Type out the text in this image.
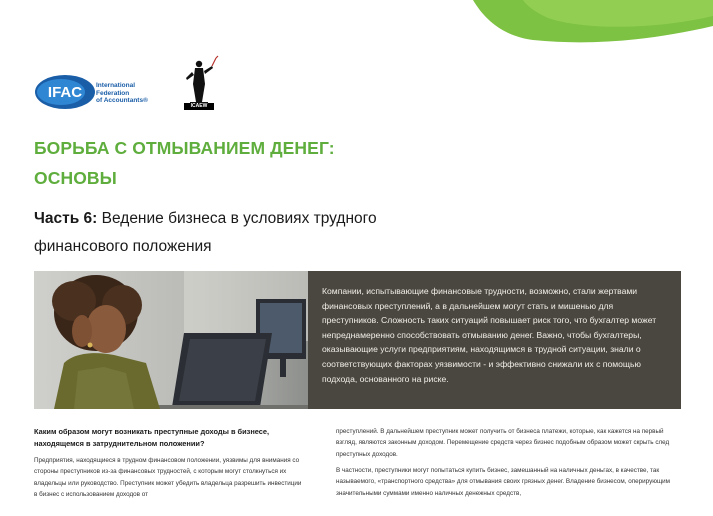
IFAC International
Federation
of Accountants®
ICAEW
БОРЬБА С ОТМЫВАНИЕМ ДЕНЕГ:
ОСНОВЫ
Часть 6: Ведение бизнеса в условиях трудного
финансового положения

Компании, испытывающие финансовые трудности, возможно, стали жертвами финансовых преступлений, а в дальнейшем могут стать и мишенью для преступников. Сложность таких ситуаций повышает риск того, что бухгалтер может непреднамеренно способствовать отмыванию денег. Важно, чтобы бухгалтеры, оказывающие услуги предприятиям, находящимся в трудной ситуации, знали о соответствующих факторах уязвимости - и эффективно снижали их с помощью подхода, основанного на риске.

Каким образом могут возникать преступные доходы в бизнесе, находящемся в затруднительном положении?

Предприятия, находящиеся в трудном финансовом положении, уязвимы для внимания со стороны преступников из-за финансовых трудностей, с которым могут столкнуться их владельцы или руководство. Преступник может убедить владельца разрешить инвестиции в бизнес с использованием доходов от

преступлений. В дальнейшем преступник может получить от бизнеса платежи, которые, как кажется на первый взгляд, являются законным доходом. Перемещение средств через бизнес подобным образом может скрыть след преступных доходов.

В частности, преступники могут попытаться купить бизнес, замешанный на наличных деньгах, в качестве, так называемого, «транспортного средства» для отмывания своих грязных денег. Владение бизнесом, оперирующим значительными суммами именно наличных денежных средств,
